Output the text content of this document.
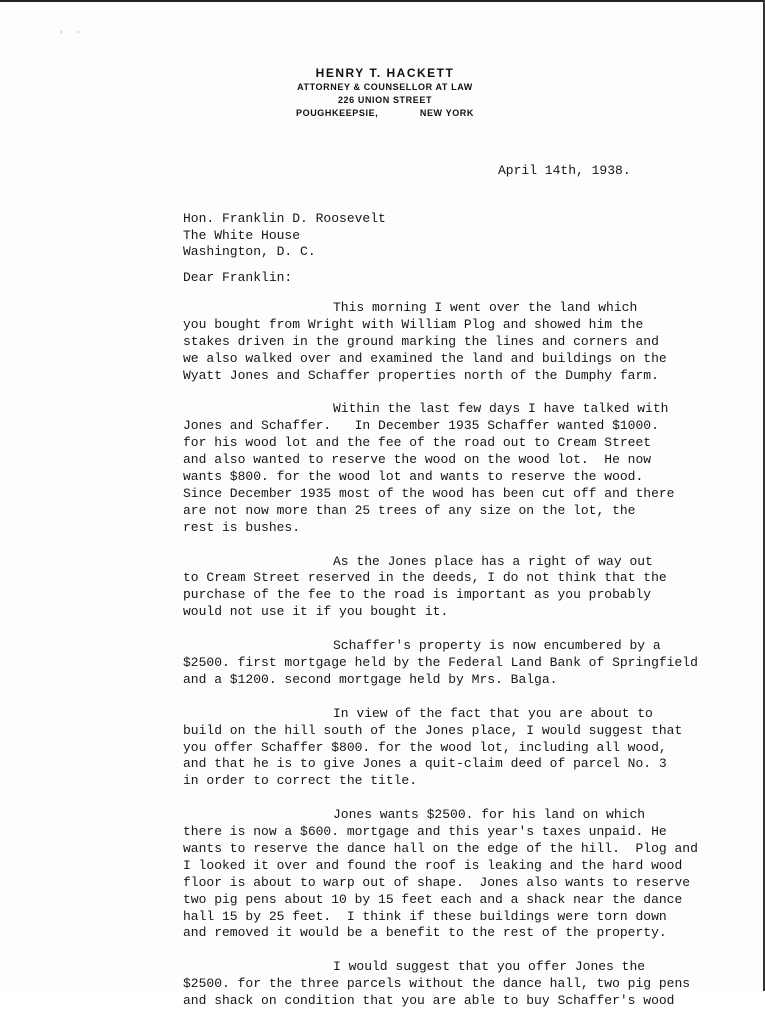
· ·
HENRY T. HACKETT
ATTORNEY & COUNSELLOR AT LAW
226 UNION STREET
POUGHKEEPSIE,	NEW YORK
April 14th, 1938.
Hon. Franklin D. Roosevelt
The White House
Washington, D. C.
Dear Franklin:
This morning I went over the land which
you bought from Wright with William Plog and showed him the
stakes driven in the ground marking the lines and corners and
we also walked over and examined the land and buildings on the
Wyatt Jones and Schaffer properties north of the Dumphy farm.
Within the last few days I have talked with
Jones and Schaffer.   In December 1935 Schaffer wanted $1000.
for his wood lot and the fee of the road out to Cream Street
and also wanted to reserve the wood on the wood lot.  He now
wants $800. for the wood lot and wants to reserve the wood.
Since December 1935 most of the wood has been cut off and there
are not now more than 25 trees of any size on the lot, the
rest is bushes.
As the Jones place has a right of way out
to Cream Street reserved in the deeds, I do not think that the
purchase of the fee to the road is important as you probably
would not use it if you bought it.
Schaffer's property is now encumbered by a
$2500. first mortgage held by the Federal Land Bank of Springfield
and a $1200. second mortgage held by Mrs. Balga.
In view of the fact that you are about to
build on the hill south of the Jones place, I would suggest that
you offer Schaffer $800. for the wood lot, including all wood,
and that he is to give Jones a quit-claim deed of parcel No. 3
in order to correct the title.
Jones wants $2500. for his land on which
there is now a $600. mortgage and this year's taxes unpaid. He
wants to reserve the dance hall on the edge of the hill.  Plog and
I looked it over and found the roof is leaking and the hard wood
floor is about to warp out of shape.  Jones also wants to reserve
two pig pens about 10 by 15 feet each and a shack near the dance
hall 15 by 25 feet.  I think if these buildings were torn down
and removed it would be a benefit to the rest of the property.
I would suggest that you offer Jones the
$2500. for the three parcels without the dance hall, two pig pens
and shack on condition that you are able to buy Schaffer's wood
